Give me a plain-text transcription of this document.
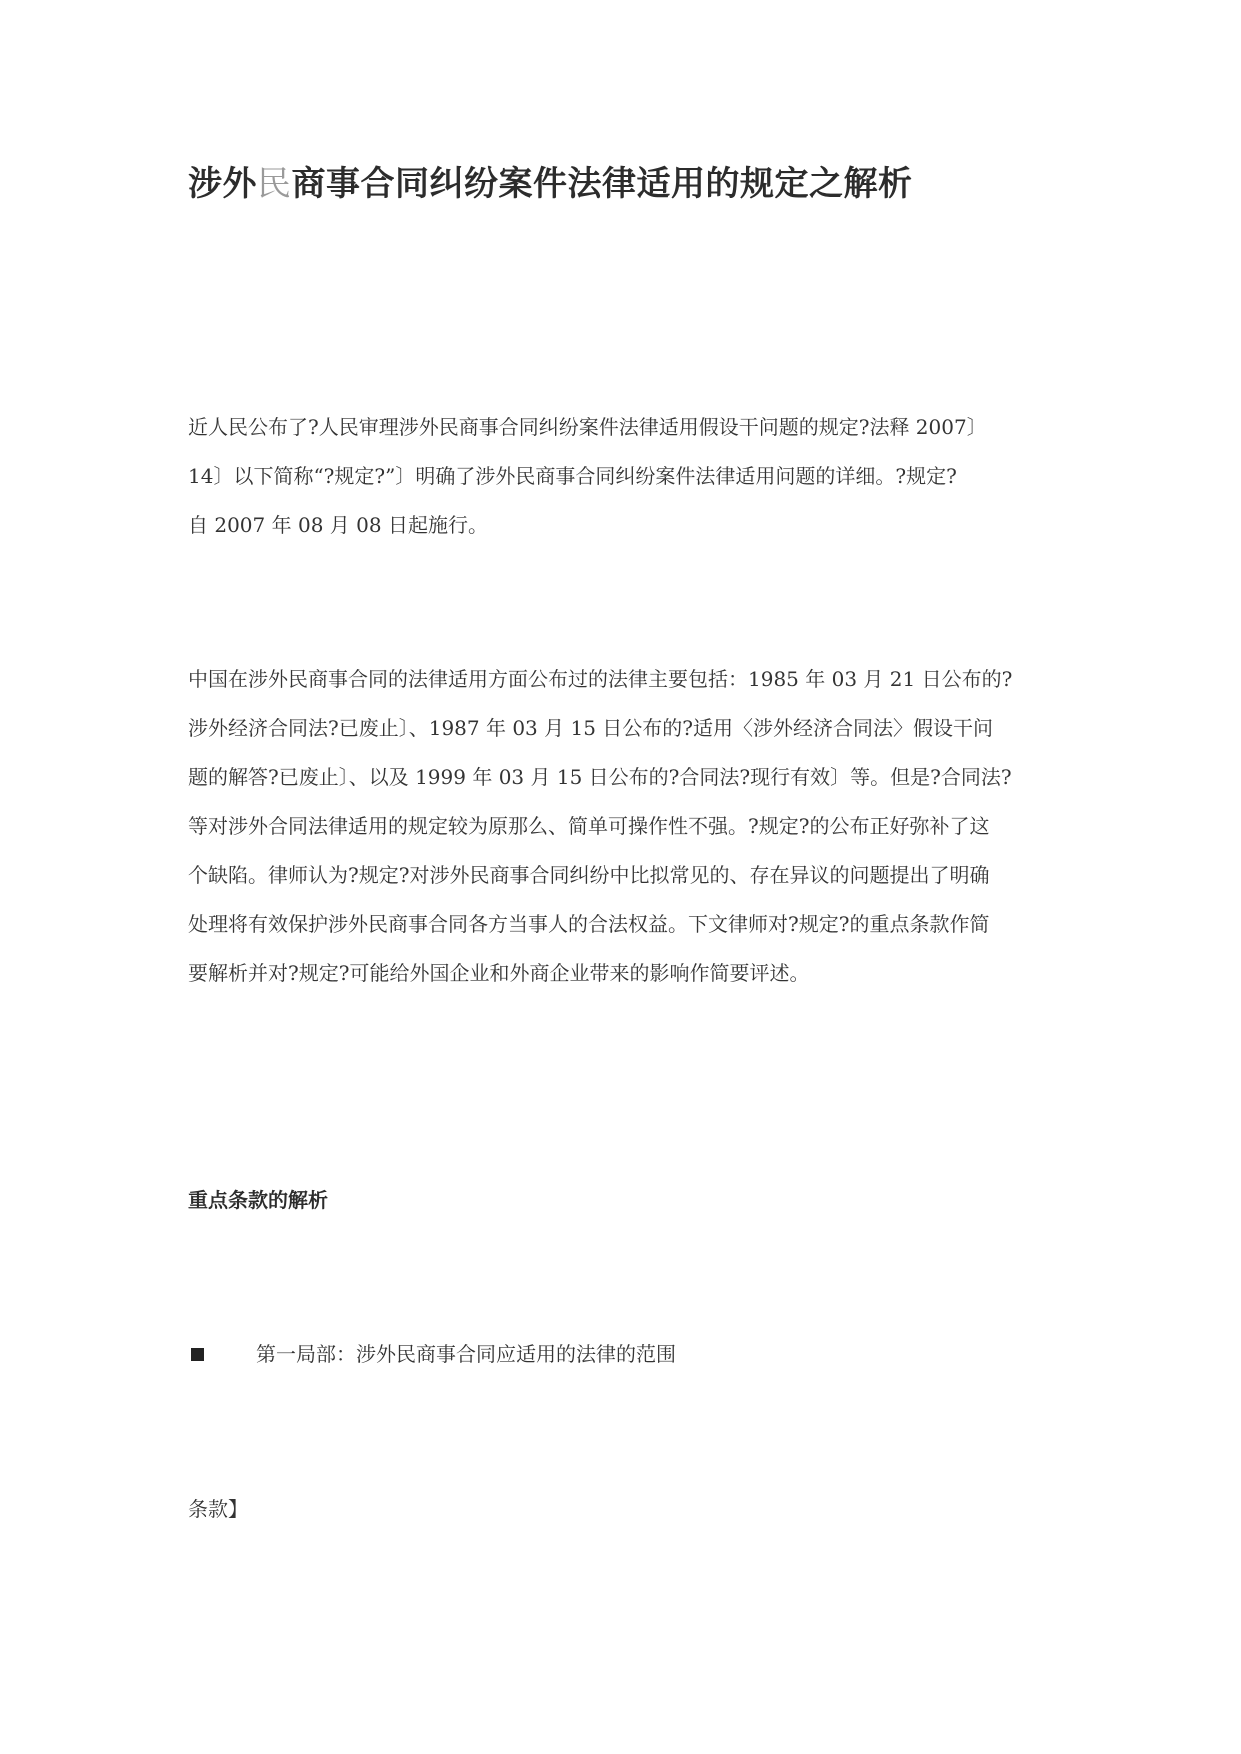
涉外民商事合同纠纷案件法律适用的规定之解析

近人民公布了?人民审理涉外民商事合同纠纷案件法律适用假设干问题的规定?法释 2007〕
14〕以下简称“?规定?”〕明确了涉外民商事合同纠纷案件法律适用问题的详细。?规定?
自 2007 年 08 月 08 日起施行。

中国在涉外民商事合同的法律适用方面公布过的法律主要包括：1985 年 03 月 21 日公布的?
涉外经济合同法?已废止〕、1987 年 03 月 15 日公布的?适用〈涉外经济合同法〉假设干问
题的解答?已废止〕、以及 1999 年 03 月 15 日公布的?合同法?现行有效〕等。但是?合同法?
等对涉外合同法律适用的规定较为原那么、简单可操作性不强。?规定?的公布正好弥补了这
个缺陷。律师认为?规定?对涉外民商事合同纠纷中比拟常见的、存在异议的问题提出了明确
处理将有效保护涉外民商事合同各方当事人的合法权益。下文律师对?规定?的重点条款作简
要解析并对?规定?可能给外国企业和外商企业带来的影响作简要评述。

重点条款的解析
第一局部：涉外民商事合同应适用的法律的范围
条款】
